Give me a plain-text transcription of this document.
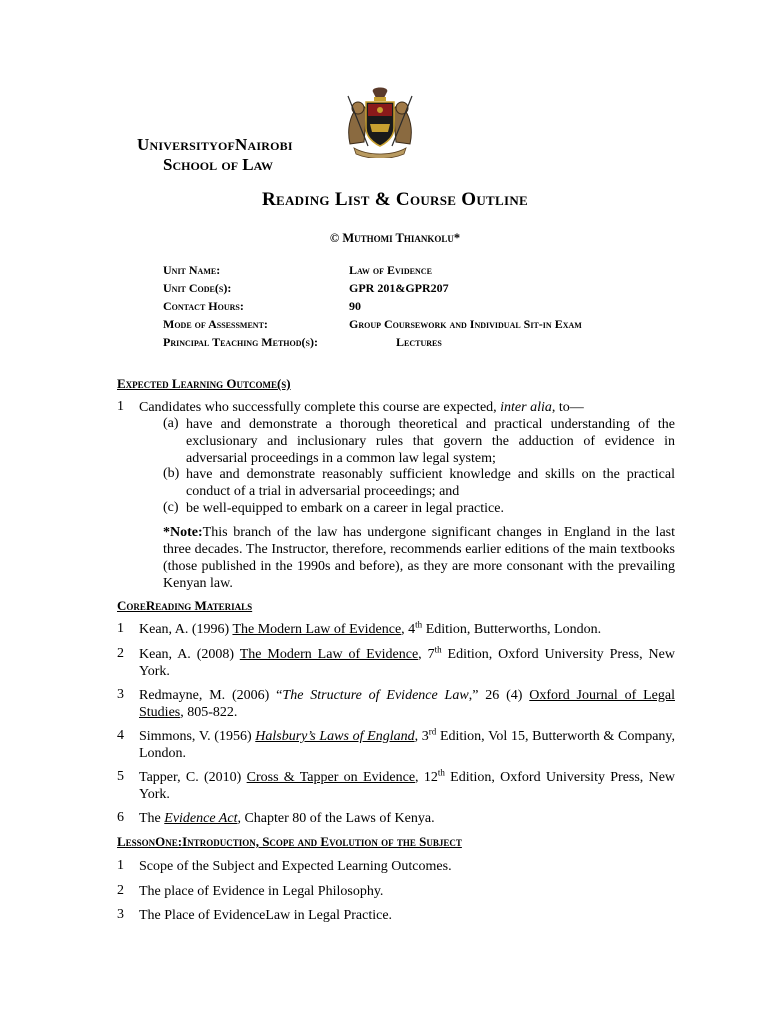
UniversityofNairobi
School of Law
Reading List & Course Outline
© Muthomi Thiankolu*
Unit Name:	Law of Evidence
Unit Code(s):	GPR 201&GPR207
Contact Hours:	90
Mode of Assessment:	Group Coursework and Individual Sit-in Exam
Principal Teaching Method(s):	Lectures
Expected Learning Outcome(s)
1 Candidates who successfully complete this course are expected, inter alia, to—
(a) have and demonstrate a thorough theoretical and practical understanding of the exclusionary and inclusionary rules that govern the adduction of evidence in adversarial proceedings in a common law legal system;
(b) have and demonstrate reasonably sufficient knowledge and skills on the practical conduct of a trial in adversarial proceedings; and
(c) be well-equipped to embark on a career in legal practice.
*Note:This branch of the law has undergone significant changes in England in the last three decades. The Instructor, therefore, recommends earlier editions of the main textbooks (those published in the 1990s and before), as they are more consonant with the prevailing Kenyan law.
CoreReading Materials
1 Kean, A. (1996) The Modern Law of Evidence, 4th Edition, Butterworths, London.
2 Kean, A. (2008) The Modern Law of Evidence, 7th Edition, Oxford University Press, New York.
3 Redmayne, M. (2006) “The Structure of Evidence Law,” 26 (4) Oxford Journal of Legal Studies, 805-822.
4 Simmons, V. (1956) Halsbury’s Laws of England, 3rd Edition, Vol 15, Butterworth & Company, London.
5 Tapper, C. (2010) Cross & Tapper on Evidence, 12th Edition, Oxford University Press, New York.
6 The Evidence Act, Chapter 80 of the Laws of Kenya.
LessonOne:Introduction, Scope and Evolution of the Subject
1 Scope of the Subject and Expected Learning Outcomes.
2 The place of Evidence in Legal Philosophy.
3 The Place of EvidenceLaw in Legal Practice.
